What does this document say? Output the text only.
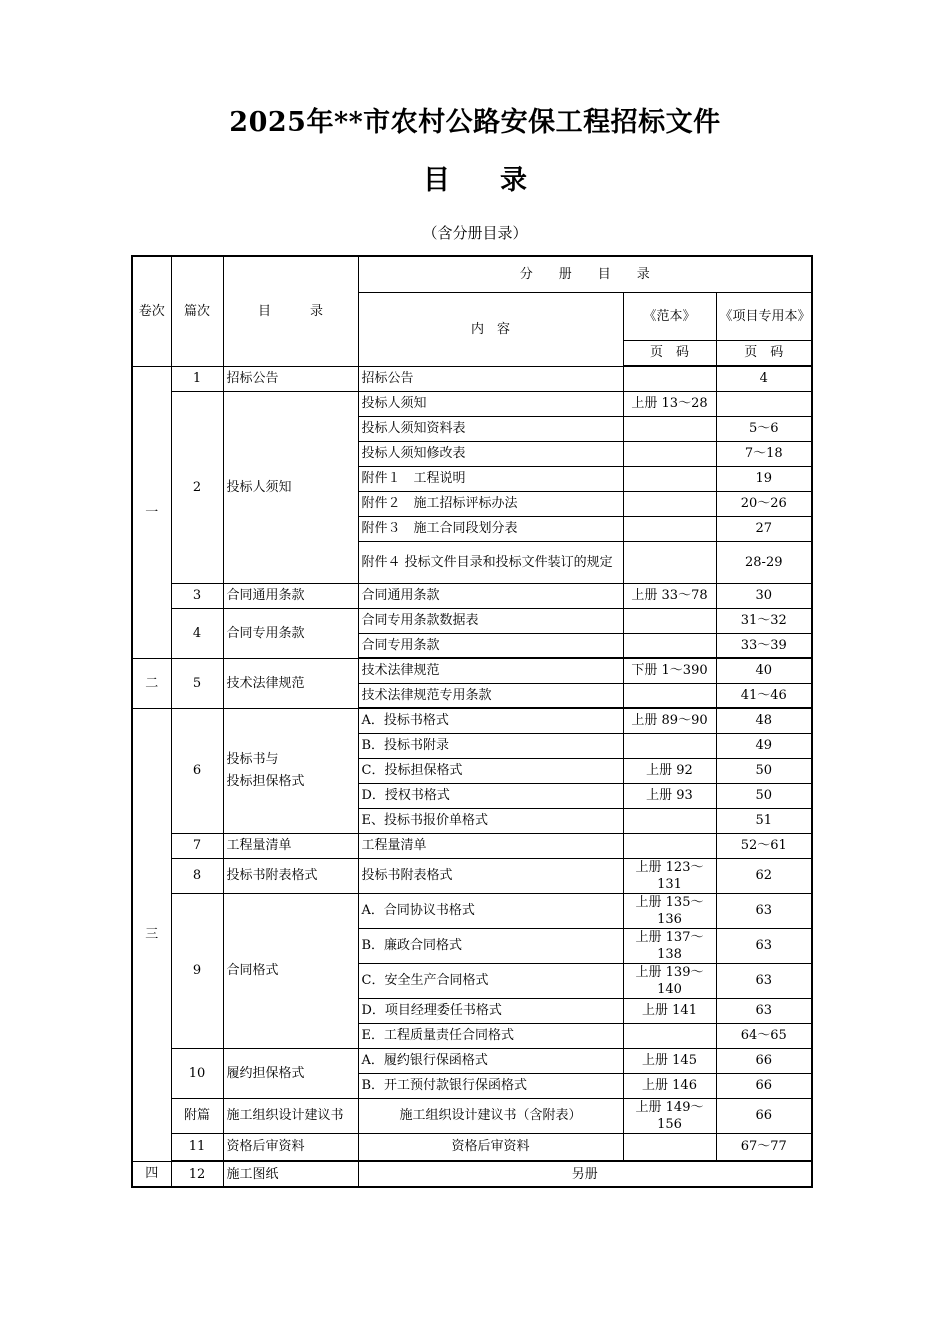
2025年**市农村公路安保工程招标文件
目 录
（含分册目录）
卷次	篇次	目　　　录	分　　册　　目　　录		
			内　容	《范本》	《项目专用本》
				页　码	页　码
一	1	招标公告	招标公告		4
	2	投标人须知	投标人须知	上册 13～28	
			投标人须知资料表		5～6
			投标人须知修改表		7～18
			附件１　工程说明		19
			附件２　施工招标评标办法		20～26
			附件３　施工合同段划分表		27
			附件４ 投标文件目录和投标文件装订的规定		28-29
	3	合同通用条款	合同通用条款	上册 33～78	30
	4	合同专用条款	合同专用条款数据表		31～32
			合同专用条款		33～39
二	5	技术法律规范	技术法律规范	下册 1～390	40
			技术法律规范专用条款		41～46
三	6	投标书与
投标担保格式	A．投标书格式	上册 89～90	48
			B．投标书附录		49
			C．投标担保格式	上册 92	50
			D．授权书格式	上册 93	50
			E、投标书报价单格式		51
	7	工程量清单	工程量清单		52～61
	8	投标书附表格式	投标书附表格式	上册 123～131	62
	9	合同格式	A．合同协议书格式	上册 135～136	63
			B．廉政合同格式	上册 137～138	63
			C．安全生产合同格式	上册 139～140	63
			D．项目经理委任书格式	上册 141	63
			E．工程质量责任合同格式		64～65
	10	履约担保格式	A．履约银行保函格式	上册 145	66
			B．开工预付款银行保函格式	上册 146	66
	附篇	施工组织设计建议书	施工组织设计建议书（含附表）	上册 149～156	66
	11	资格后审资料	资格后审资料		67～77
四	12	施工图纸	另册		
